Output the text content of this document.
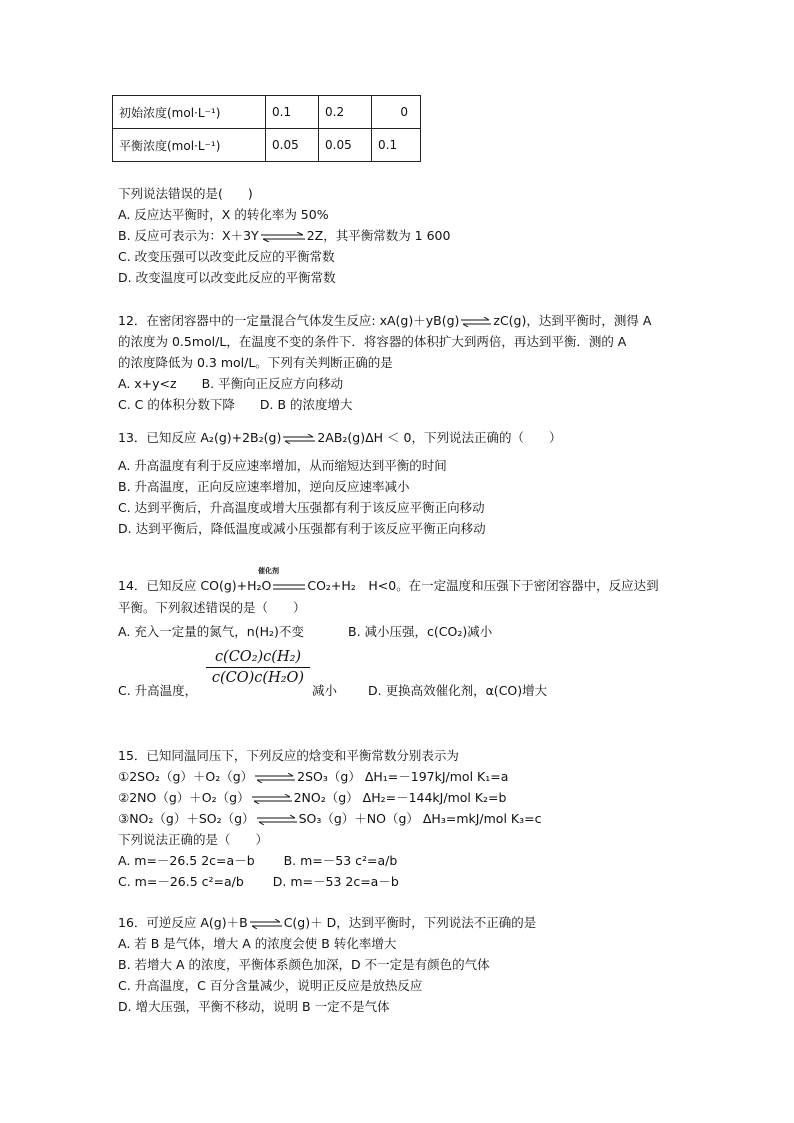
初始浓度(mol·L⁻¹)	0.1	0.2	0
平衡浓度(mol·L⁻¹)	0.05	0.05	0.1
下列说法错误的是(　　)
A. 反应达平衡时，X 的转化率为 50%
B. 反应可表示为：X＋3Y ⇌ 2Z，其平衡常数为 1 600
C. 改变压强可以改变此反应的平衡常数
D. 改变温度可以改变此反应的平衡常数
12．在密闭容器中的一定量混合气体发生反应: xA(g)＋yB(g) ⇌ zC(g)，达到平衡时，测得 A
的浓度为 0.5mol/L，在温度不变的条件下．将容器的体积扩大到两倍，再达到平衡．测的 A
的浓度降低为 0.3 mol/L。下列有关判断正确的是
A. x+y<z　　B. 平衡向正反应方向移动
C. C 的体积分数下降　　D. B 的浓度增大
13．已知反应 A₂(g)+2B₂(g) ⇌ 2AB₂(g)ΔH ＜ 0，下列说法正确的（　　）
A. 升高温度有利于反应速率增加，从而缩短达到平衡的时间
B. 升高温度，正向反应速率增加，逆向反应速率减小
C. 达到平衡后，升高温度或增大压强都有利于该反应平衡正向移动
D. 达到平衡后，降低温度或减小压强都有利于该反应平衡正向移动
催化剂
14．已知反应 CO(g)+H₂O	CO₂+H₂　H<0。在一定温度和压强下于密闭容器中，反应达到
平衡。下列叙述错误的是（　　）
A. 充入一定量的氮气，n(H₂)不变	B. 减小压强，c(CO₂)减小
$\frac{\text{c(CO₂)c(H₂)}}{\text{c(CO)c(H₂O)}}$
C. 升高温度，	减小 D. 更换高效催化剂，α(CO)增大
15．已知同温同压下，下列反应的焓变和平衡常数分别表示为
①2SO₂（g）＋O₂（g） ⇌ 2SO₃（g） ΔH₁=－197kJ/mol K₁=a
②2NO（g）＋O₂（g） ⇌ 2NO₂（g） ΔH₂=－144kJ/mol K₂=b
③NO₂（g）＋SO₂（g） ⇌ SO₃（g）＋NO（g） ΔH₃=mkJ/mol K₃=c
下列说法正确的是（　　）
A. m=－26.5 2c=a－b　　 B. m=－53 c²=a/b
C. m=－26.5 c²=a/b　　 D. m=－53 2c=a－b
16．可逆反应 A(g)＋B ⇌ C(g)＋ D，达到平衡时，下列说法不正确的是
A. 若 B 是气体，增大 A 的浓度会使 B 转化率增大
B. 若增大 A 的浓度，平衡体系颜色加深，D 不一定是有颜色的气体
C. 升高温度，C 百分含量减少，说明正反应是放热反应
D. 增大压强，平衡不移动，说明 B 一定不是气体
